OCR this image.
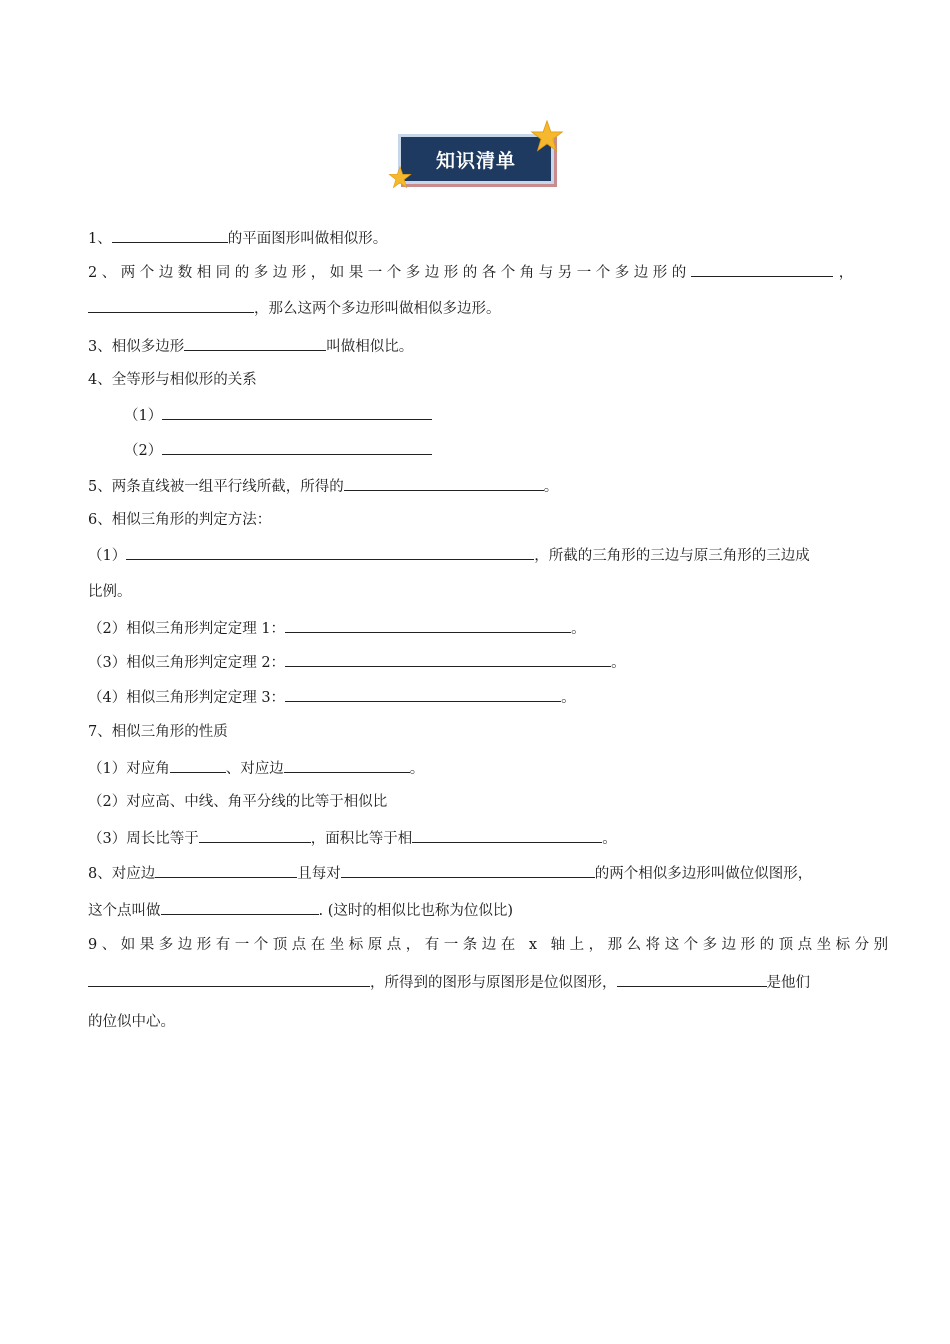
知识清单
1、	的平面图形叫做相似形。
2、两个边数相同的多边形，如果一个多边形的各个角与另一个多边形的	，
，那么这两个多边形叫做相似多边形。
3、相似多边形	叫做相似比。
4、全等形与相似形的关系
（1）
（2）
5、两条直线被一组平行线所截，所得的	。
6、相似三角形的判定方法：
（1）	，所截的三角形的三边与原三角形的三边成
比例。
（2）相似三角形判定定理 1：	。
（3）相似三角形判定定理 2：	。
（4）相似三角形判定定理 3：	。
7、相似三角形的性质
（1）对应角	、对应边	。
（2）对应高、中线、角平分线的比等于相似比
（3）周长比等于	，面积比等于相	。
8、对应边	且每对	的两个相似多边形叫做位似图形，
这个点叫做	. (这时的相似比也称为位似比)
9、如果多边形有一个顶点在坐标原点，有一条边在 x 轴上，那么将这个多边形的顶点坐标分别
，所得到的图形与原图形是位似图形，	是他们
的位似中心。
